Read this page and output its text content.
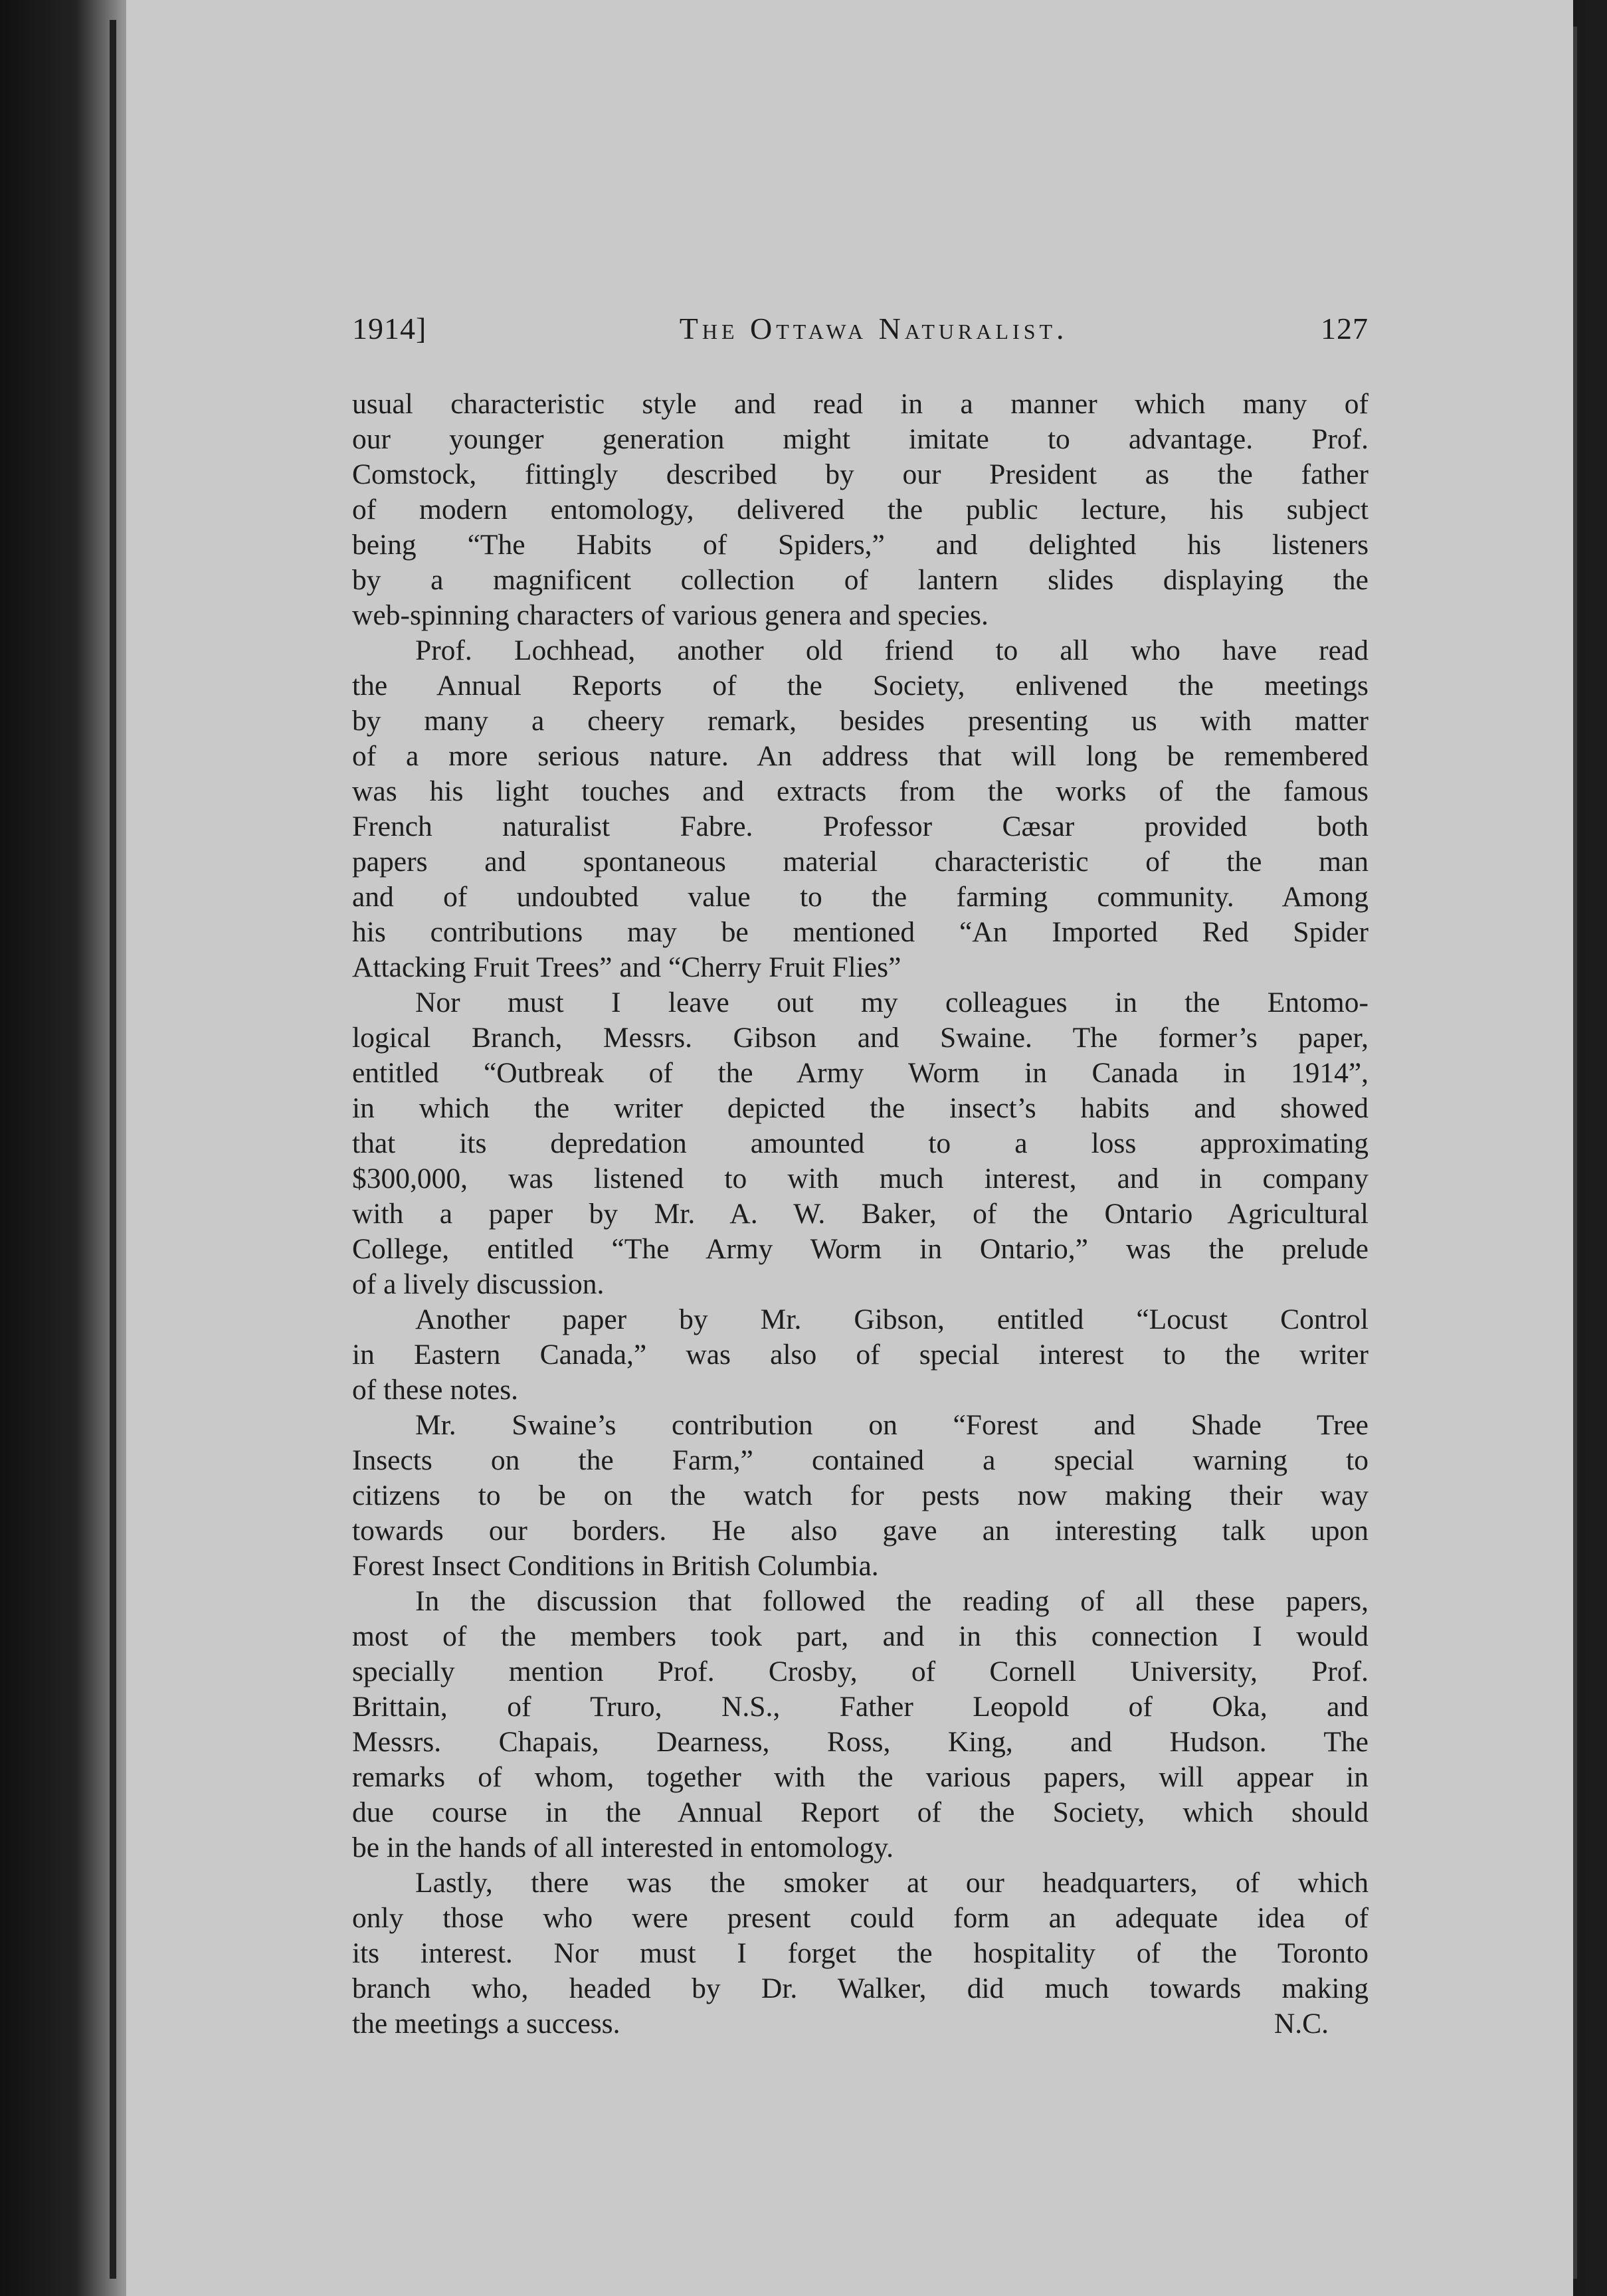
1914]	The Ottawa Naturalist.	127
usual characteristic style and read in a manner which many of
our younger generation might imitate to advantage. Prof.
Comstock, fittingly described by our President as the father
of modern entomology, delivered the public lecture, his subject
being “The Habits of Spiders,” and delighted his listeners
by a magnificent collection of lantern slides displaying the
web-spinning characters of various genera and species.
Prof. Lochhead, another old friend to all who have read
the Annual Reports of the Society, enlivened the meetings
by many a cheery remark, besides presenting us with matter
of a more serious nature. An address that will long be remembered
was his light touches and extracts from the works of the famous
French naturalist Fabre. Professor Cæsar provided both
papers and spontaneous material characteristic of the man
and of undoubted value to the farming community. Among
his contributions may be mentioned “An Imported Red Spider
Attacking Fruit Trees” and “Cherry Fruit Flies”
Nor must I leave out my colleagues in the Entomo-
logical Branch, Messrs. Gibson and Swaine. The former’s paper,
entitled “Outbreak of the Army Worm in Canada in 1914”,
in which the writer depicted the insect’s habits and showed
that its depredation amounted to a loss approximating
$300,000, was listened to with much interest, and in company
with a paper by Mr. A. W. Baker, of the Ontario Agricultural
College, entitled “The Army Worm in Ontario,” was the prelude
of a lively discussion.
Another paper by Mr. Gibson, entitled “Locust Control
in Eastern Canada,” was also of special interest to the writer
of these notes.
Mr. Swaine’s contribution on “Forest and Shade Tree
Insects on the Farm,” contained a special warning to
citizens to be on the watch for pests now making their way
towards our borders. He also gave an interesting talk upon
Forest Insect Conditions in British Columbia.
In the discussion that followed the reading of all these papers,
most of the members took part, and in this connection I would
specially mention Prof. Crosby, of Cornell University, Prof.
Brittain, of Truro, N.S., Father Leopold of Oka, and
Messrs. Chapais, Dearness, Ross, King, and Hudson. The
remarks of whom, together with the various papers, will appear in
due course in the Annual Report of the Society, which should
be in the hands of all interested in entomology.
Lastly, there was the smoker at our headquarters, of which
only those who were present could form an adequate idea of
its interest. Nor must I forget the hospitality of the Toronto
branch who, headed by Dr. Walker, did much towards making
the meetings a success.	N.C.
